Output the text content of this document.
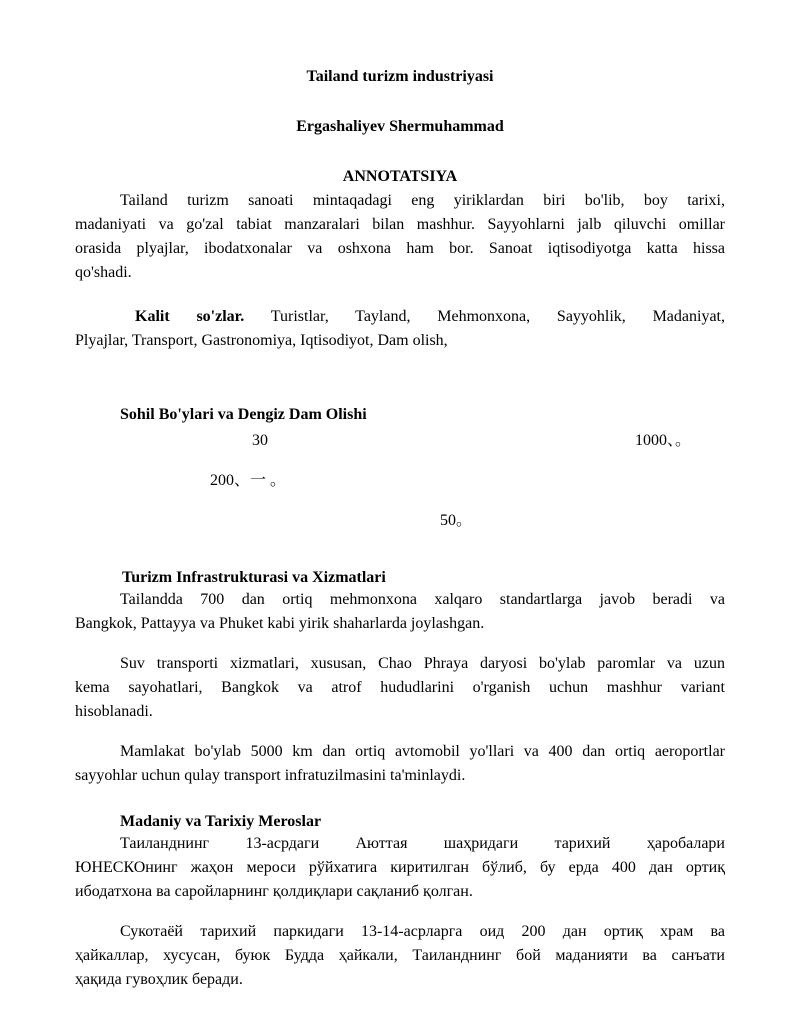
Tailand turizm industriyasi
Ergashaliyev Shermuhammad
ANNOTATSIYA
Tailand turizm sanoati mintaqadagi eng yiriklardan biri bo'lib, boy tarixi,
madaniyati va go'zal tabiat manzaralari bilan mashhur. Sayyohlarni jalb qiluvchi omillar
orasida plyajlar, ibodatxonalar va oshxona ham bor. Sanoat iqtisodiyotga katta hissa
qo'shadi.
Kalit so'zlar. Turistlar, Tayland, Mehmonxona, Sayyohlik, Madaniyat,
Plyajlar, Transport, Gastronomiya, Iqtisodiyot, Dam olish,
Sohil Bo'ylari va Dengiz Dam Olishi
30	1000、。
200、一 。
50。
Turizm Infrastrukturasi va Xizmatlari
Tailandda 700 dan ortiq mehmonxona xalqaro standartlarga javob beradi va
Bangkok, Pattayya va Phuket kabi yirik shaharlarda joylashgan.
Suv transporti xizmatlari, xususan, Chao Phraya daryosi bo'ylab paromlar va uzun
kema sayohatlari, Bangkok va atrof hududlarini o'rganish uchun mashhur variant
hisoblanadi.
Mamlakat bo'ylab 5000 km dan ortiq avtomobil yo'llari va 400 dan ortiq aeroportlar
sayyohlar uchun qulay transport infratuzilmasini ta'minlaydi.
Madaniy va Tarixiy Meroslar
Таиланднинг 13-асрдаги Аюттая шаҳридаги тарихий ҳаробалари
ЮНЕСКОнинг жаҳон мероси рўйхатига киритилган бўлиб, бу ерда 400 дан ортиқ
ибодатхона ва саройларнинг қолдиқлари сақланиб қолган.
Сукотаёй тарихий паркидаги 13-14-асрларга оид 200 дан ортиқ храм ва
ҳайкаллар, хусусан, буюк Будда ҳайкали, Таиланднинг бой маданияти ва санъати
ҳақида гувоҳлик беради.
